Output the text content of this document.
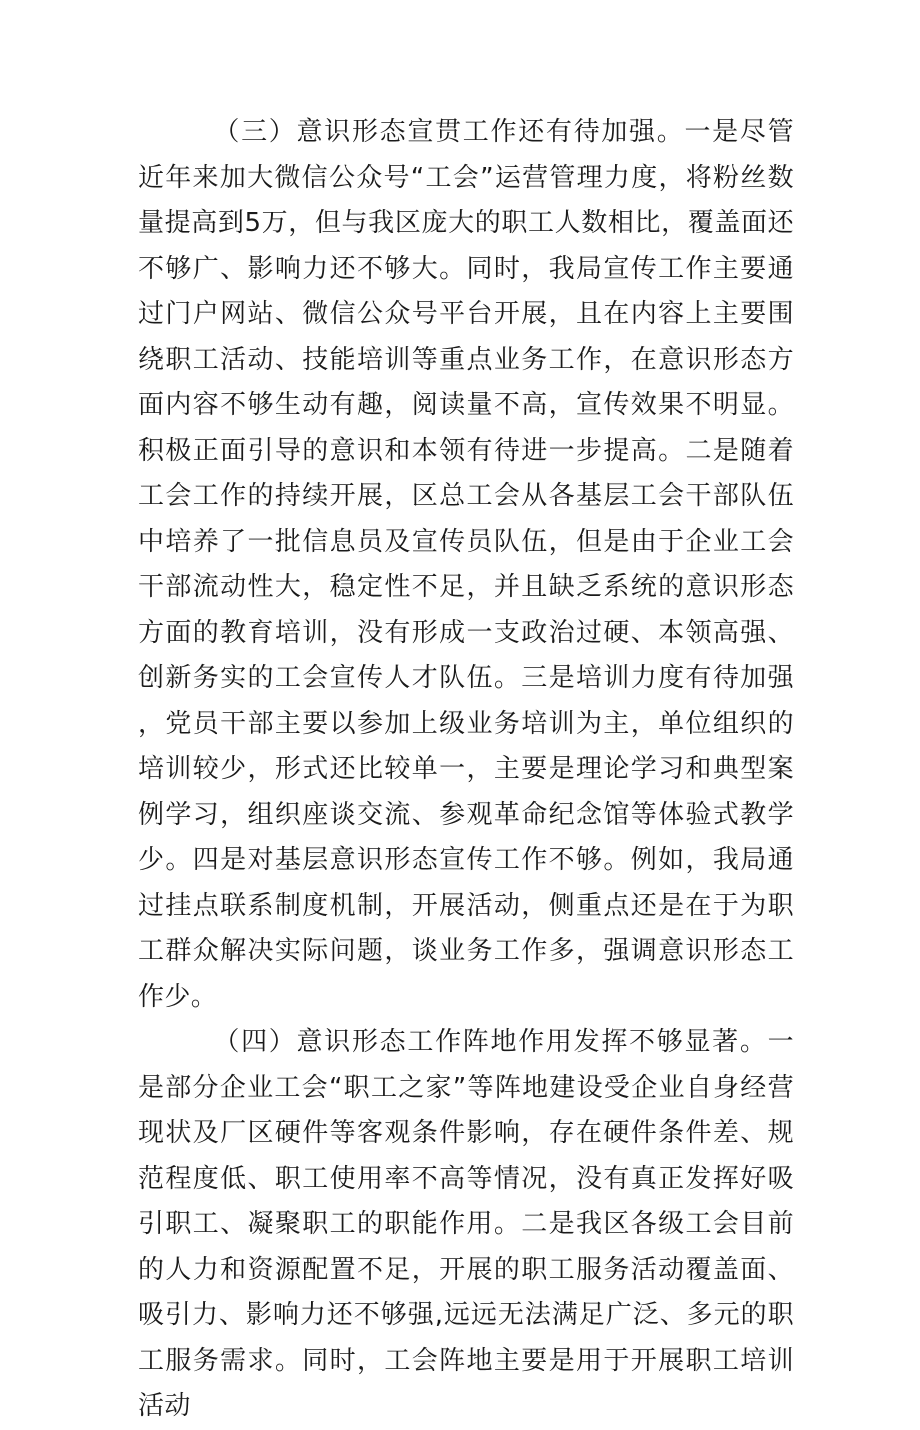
（三）意识形态宣贯工作还有待加强。一是尽管近年来加大微信公众号“工会”运营管理力度，将粉丝数量提高到5万，但与我区庞大的职工人数相比，覆盖面还不够广、影响力还不够大。同时，我局宣传工作主要通过门户网站、微信公众号平台开展，且在内容上主要围绕职工活动、技能培训等重点业务工作，在意识形态方面内容不够生动有趣，阅读量不高，宣传效果不明显。积极正面引导的意识和本领有待进一步提高。二是随着工会工作的持续开展，区总工会从各基层工会干部队伍中培养了一批信息员及宣传员队伍，但是由于企业工会干部流动性大，稳定性不足，并且缺乏系统的意识形态方面的教育培训，没有形成一支政治过硬、本领高强、创新务实的工会宣传人才队伍。三是培训力度有待加强，党员干部主要以参加上级业务培训为主，单位组织的培训较少，形式还比较单一，主要是理论学习和典型案例学习，组织座谈交流、参观革命纪念馆等体验式教学少。四是对基层意识形态宣传工作不够。例如，我局通过挂点联系制度机制，开展活动，侧重点还是在于为职工群众解决实际问题，谈业务工作多，强调意识形态工作少。

（四）意识形态工作阵地作用发挥不够显著。一是部分企业工会“职工之家”等阵地建设受企业自身经营现状及厂区硬件等客观条件影响，存在硬件条件差、规范程度低、职工使用率不高等情况，没有真正发挥好吸引职工、凝聚职工的职能作用。二是我区各级工会目前的人力和资源配置不足，开展的职工服务活动覆盖面、吸引力、影响力还不够强,远远无法满足广泛、多元的职工服务需求。同时，工会阵地主要是用于开展职工培训活动
